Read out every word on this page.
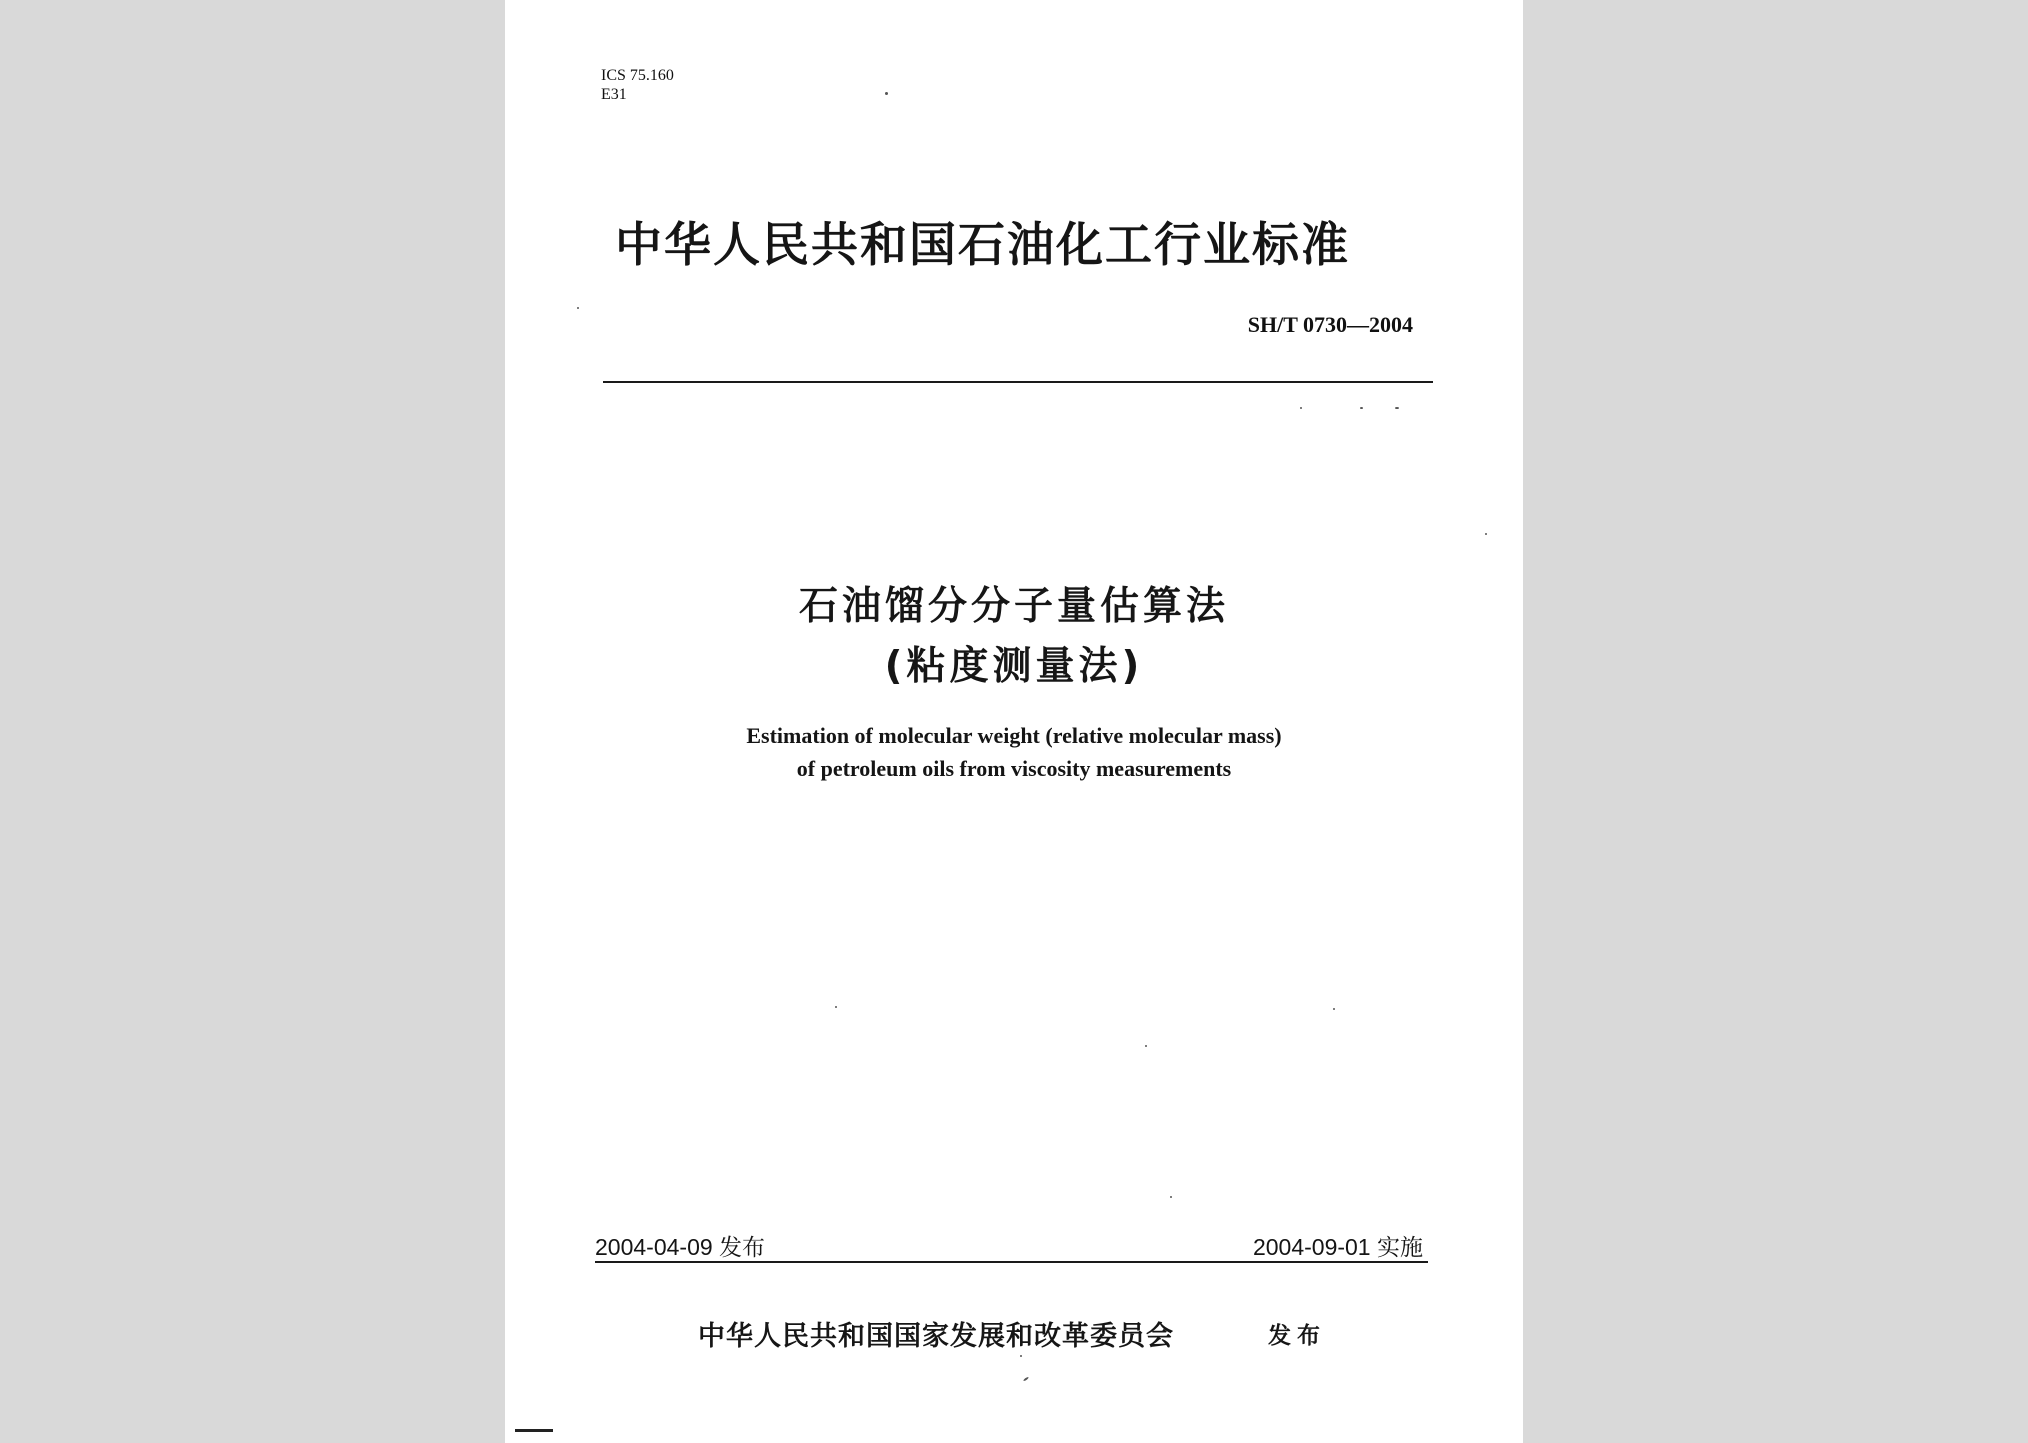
ICS 75.160

E31

中华人民共和国石油化工行业标准

SH/T 0730—2004

石油馏分分子量估算法
(粘度测量法)

Estimation of molecular weight (relative molecular mass)

of petroleum oils from viscosity measurements

2004-04-09 发布	2004-09-01 实施

中华人民共和国国家发展和改革委员会	发布
